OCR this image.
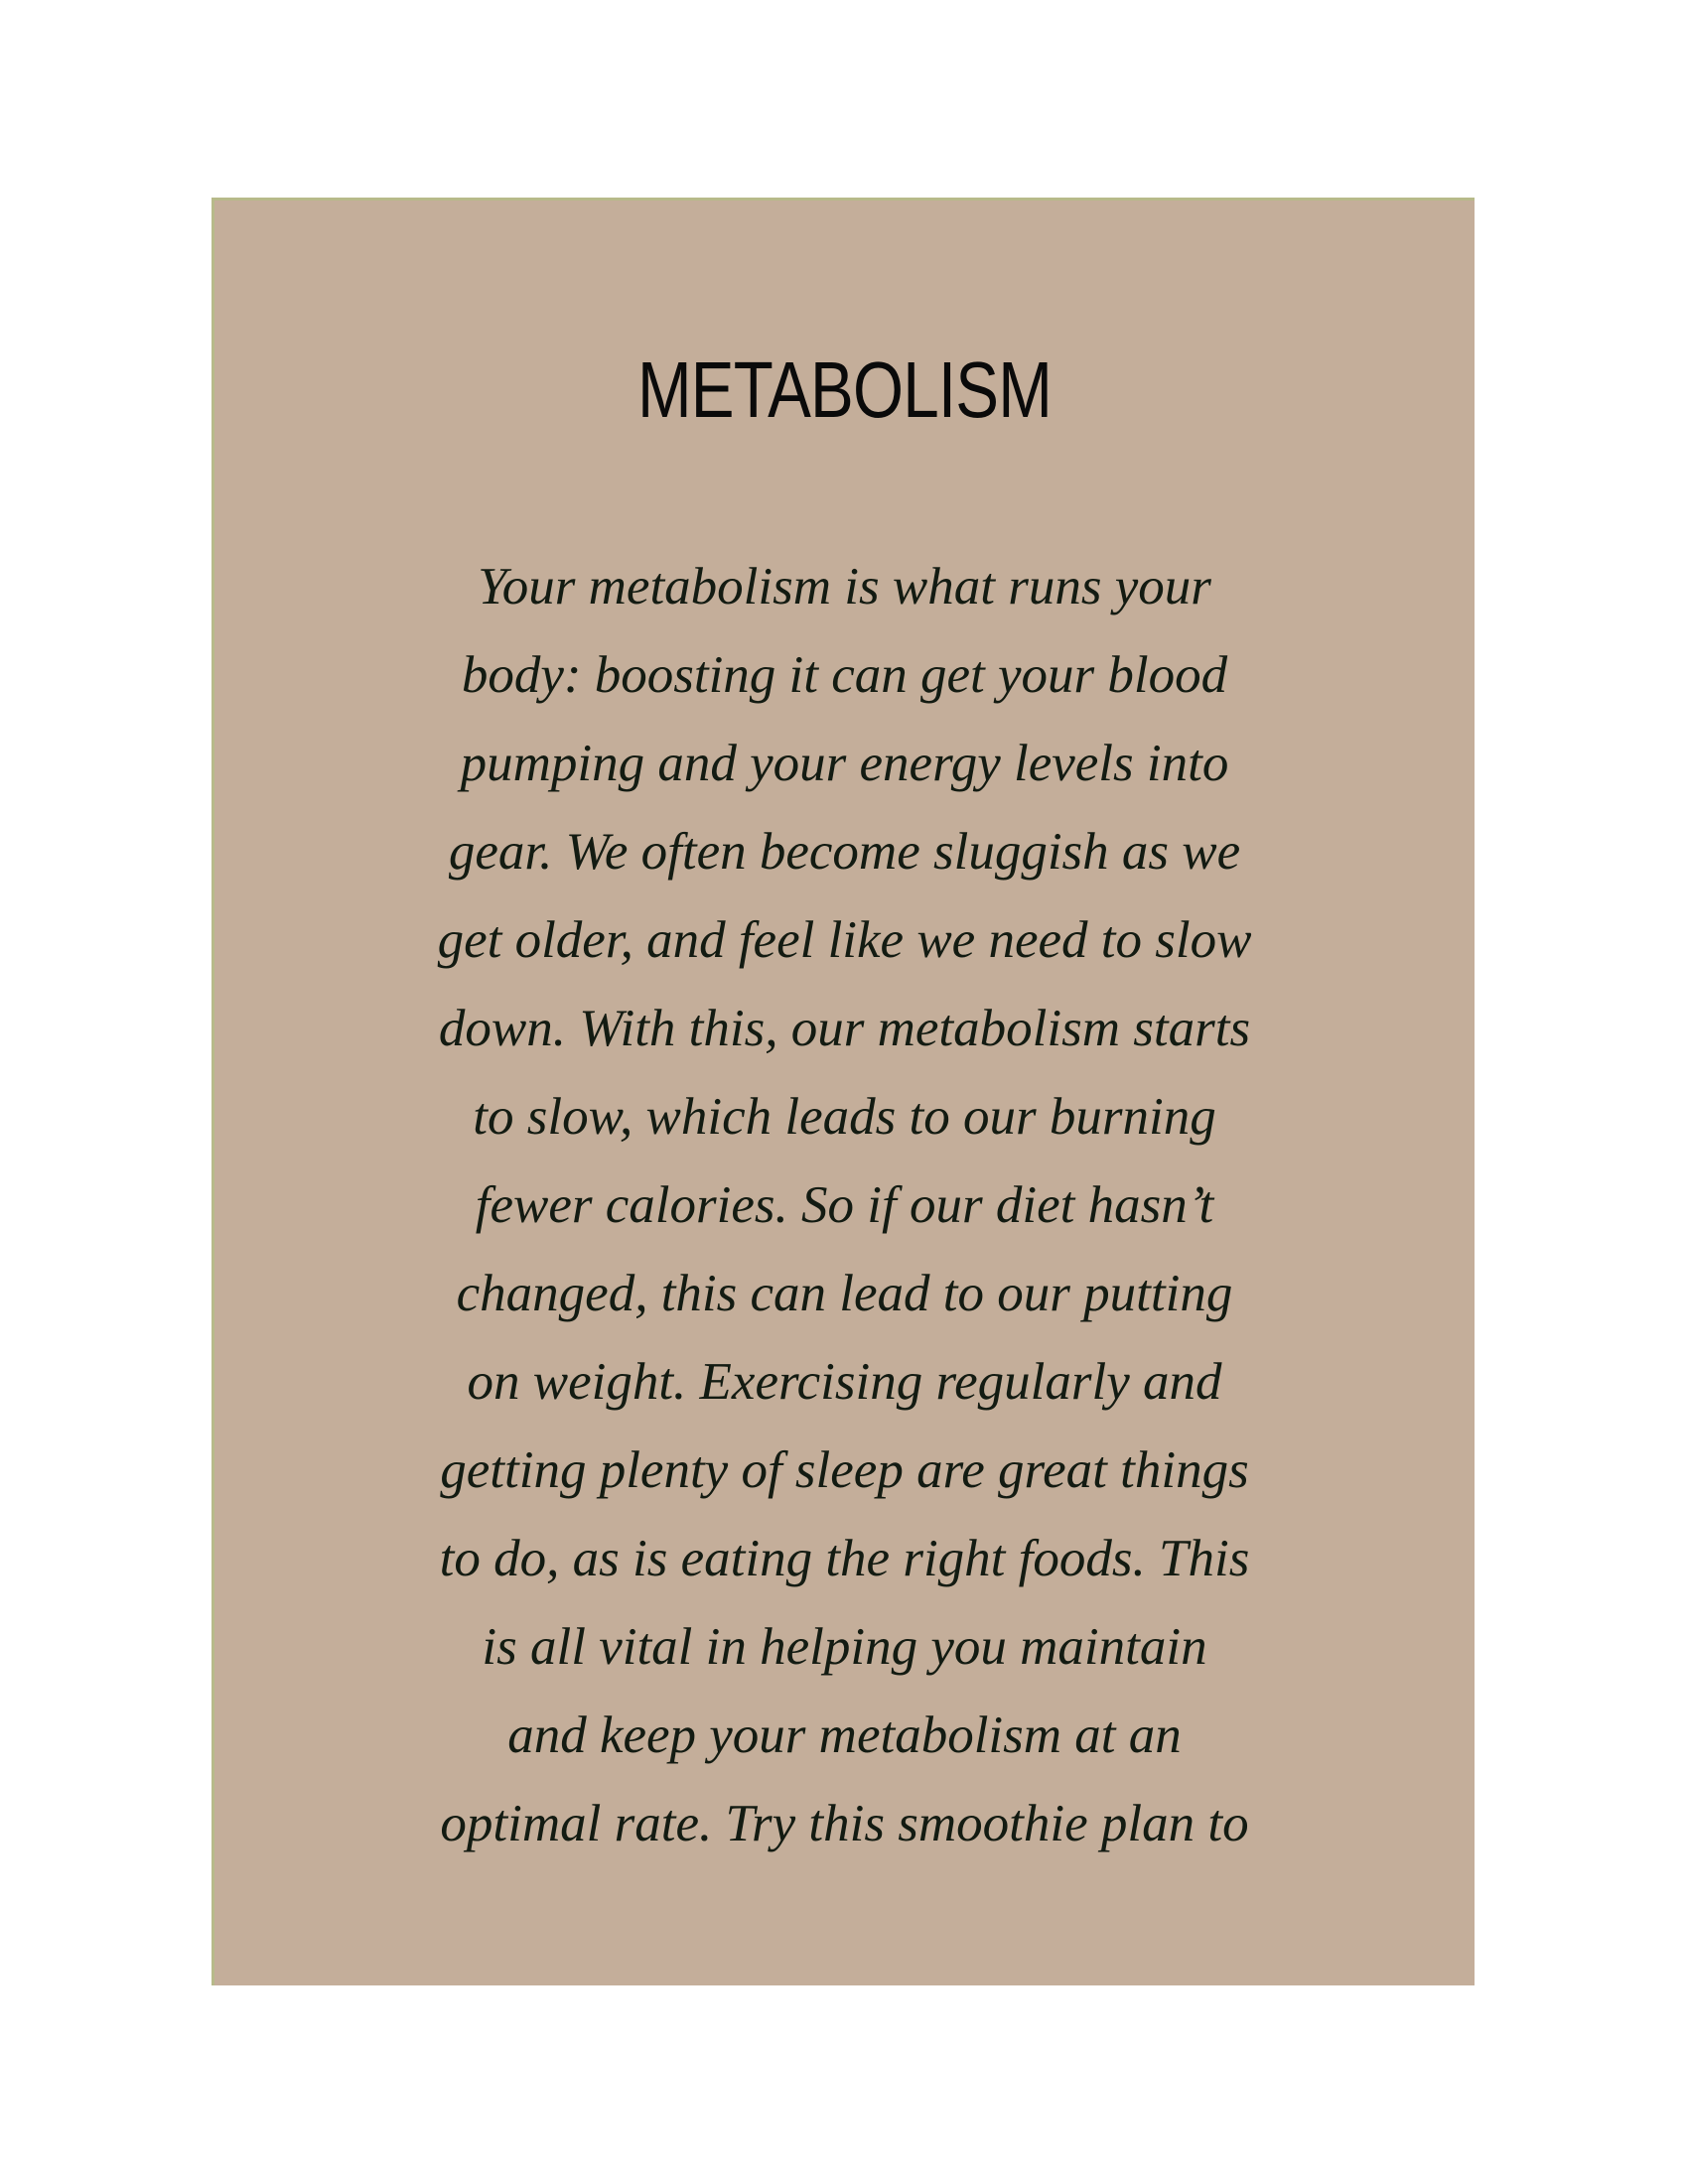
METABOLISM
Your metabolism is what runs your
body: boosting it can get your blood
pumping and your energy levels into
gear. We often become sluggish as we
get older, and feel like we need to slow
down. With this, our metabolism starts
to slow, which leads to our burning
fewer calories. So if our diet hasn’t
changed, this can lead to our putting
on weight. Exercising regularly and
getting plenty of sleep are great things
to do, as is eating the right foods. This
is all vital in helping you maintain
and keep your metabolism at an
optimal rate. Try this smoothie plan to
